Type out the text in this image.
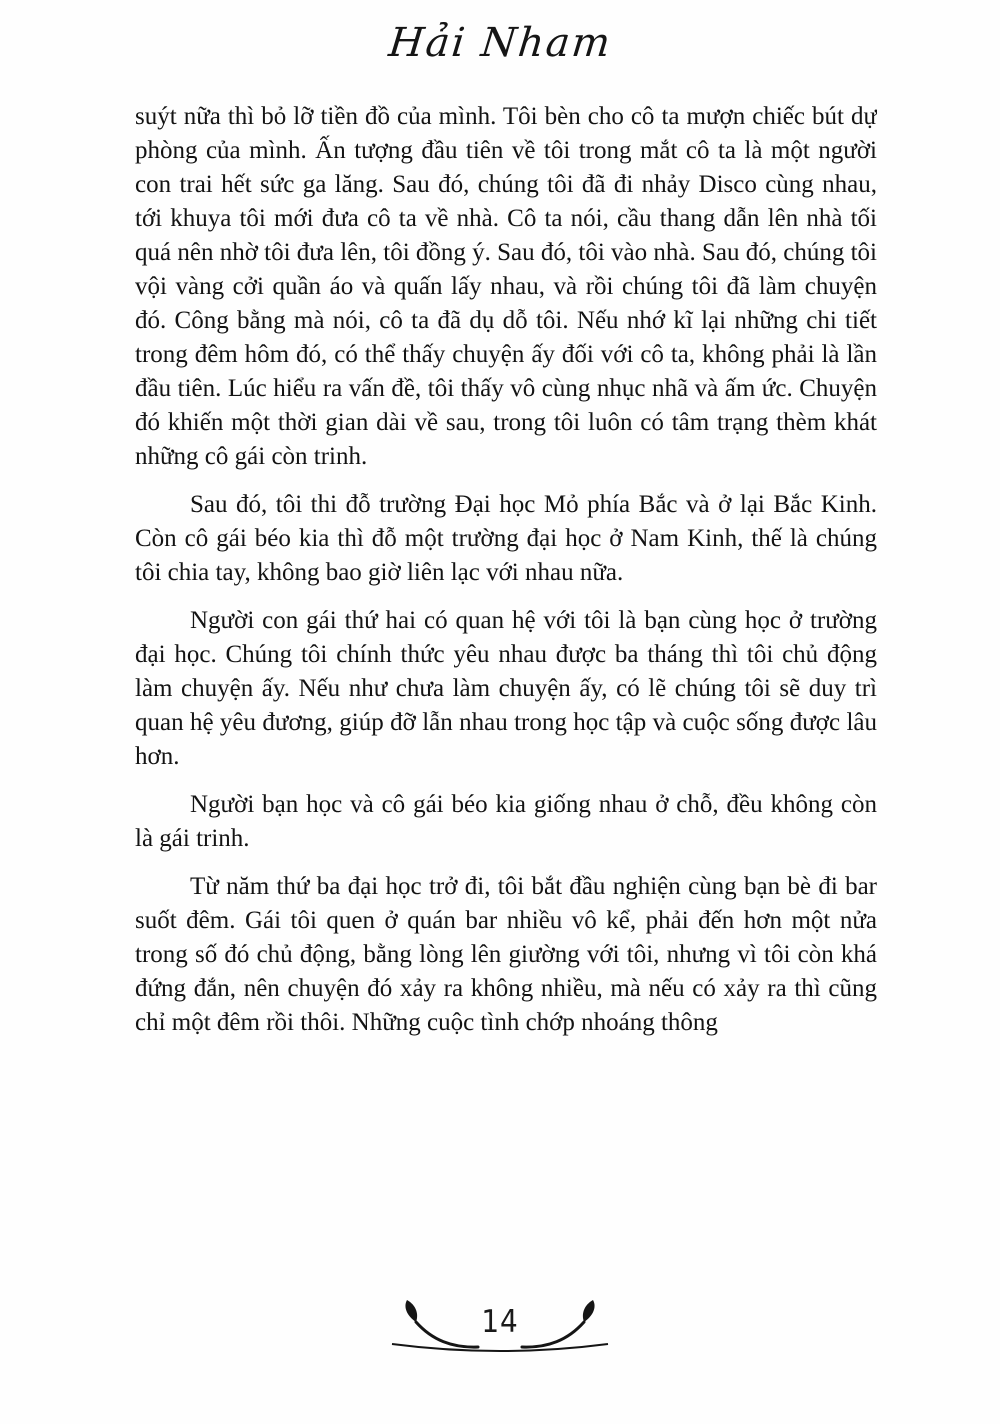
Hải Nham

suýt nữa thì bỏ lỡ tiền đồ của mình. Tôi bèn cho cô ta mượn chiếc bút dự phòng của mình. Ấn tượng đầu tiên về tôi trong mắt cô ta là một người con trai hết sức ga lăng. Sau đó, chúng tôi đã đi nhảy Disco cùng nhau, tới khuya tôi mới đưa cô ta về nhà. Cô ta nói, cầu thang dẫn lên nhà tối quá nên nhờ tôi đưa lên, tôi đồng ý. Sau đó, tôi vào nhà. Sau đó, chúng tôi vội vàng cởi quần áo và quấn lấy nhau, và rồi chúng tôi đã làm chuyện đó. Công bằng mà nói, cô ta đã dụ dỗ tôi. Nếu nhớ kĩ lại những chi tiết trong đêm hôm đó, có thể thấy chuyện ấy đối với cô ta, không phải là lần đầu tiên. Lúc hiểu ra vấn đề, tôi thấy vô cùng nhục nhã và ấm ức. Chuyện đó khiến một thời gian dài về sau, trong tôi luôn có tâm trạng thèm khát những cô gái còn trinh.

Sau đó, tôi thi đỗ trường Đại học Mỏ phía Bắc và ở lại Bắc Kinh. Còn cô gái béo kia thì đỗ một trường đại học ở Nam Kinh, thế là chúng tôi chia tay, không bao giờ liên lạc với nhau nữa.

Người con gái thứ hai có quan hệ với tôi là bạn cùng học ở trường đại học. Chúng tôi chính thức yêu nhau được ba tháng thì tôi chủ động làm chuyện ấy. Nếu như chưa làm chuyện ấy, có lẽ chúng tôi sẽ duy trì quan hệ yêu đương, giúp đỡ lẫn nhau trong học tập và cuộc sống được lâu hơn.

Người bạn học và cô gái béo kia giống nhau ở chỗ, đều không còn là gái trinh.

Từ năm thứ ba đại học trở đi, tôi bắt đầu nghiện cùng bạn bè đi bar suốt đêm. Gái tôi quen ở quán bar nhiều vô kể, phải đến hơn một nửa trong số đó chủ động, bằng lòng lên giường với tôi, nhưng vì tôi còn khá đứng đắn, nên chuyện đó xảy ra không nhiều, mà nếu có xảy ra thì cũng chỉ một đêm rồi thôi. Những cuộc tình chớp nhoáng thông

14
